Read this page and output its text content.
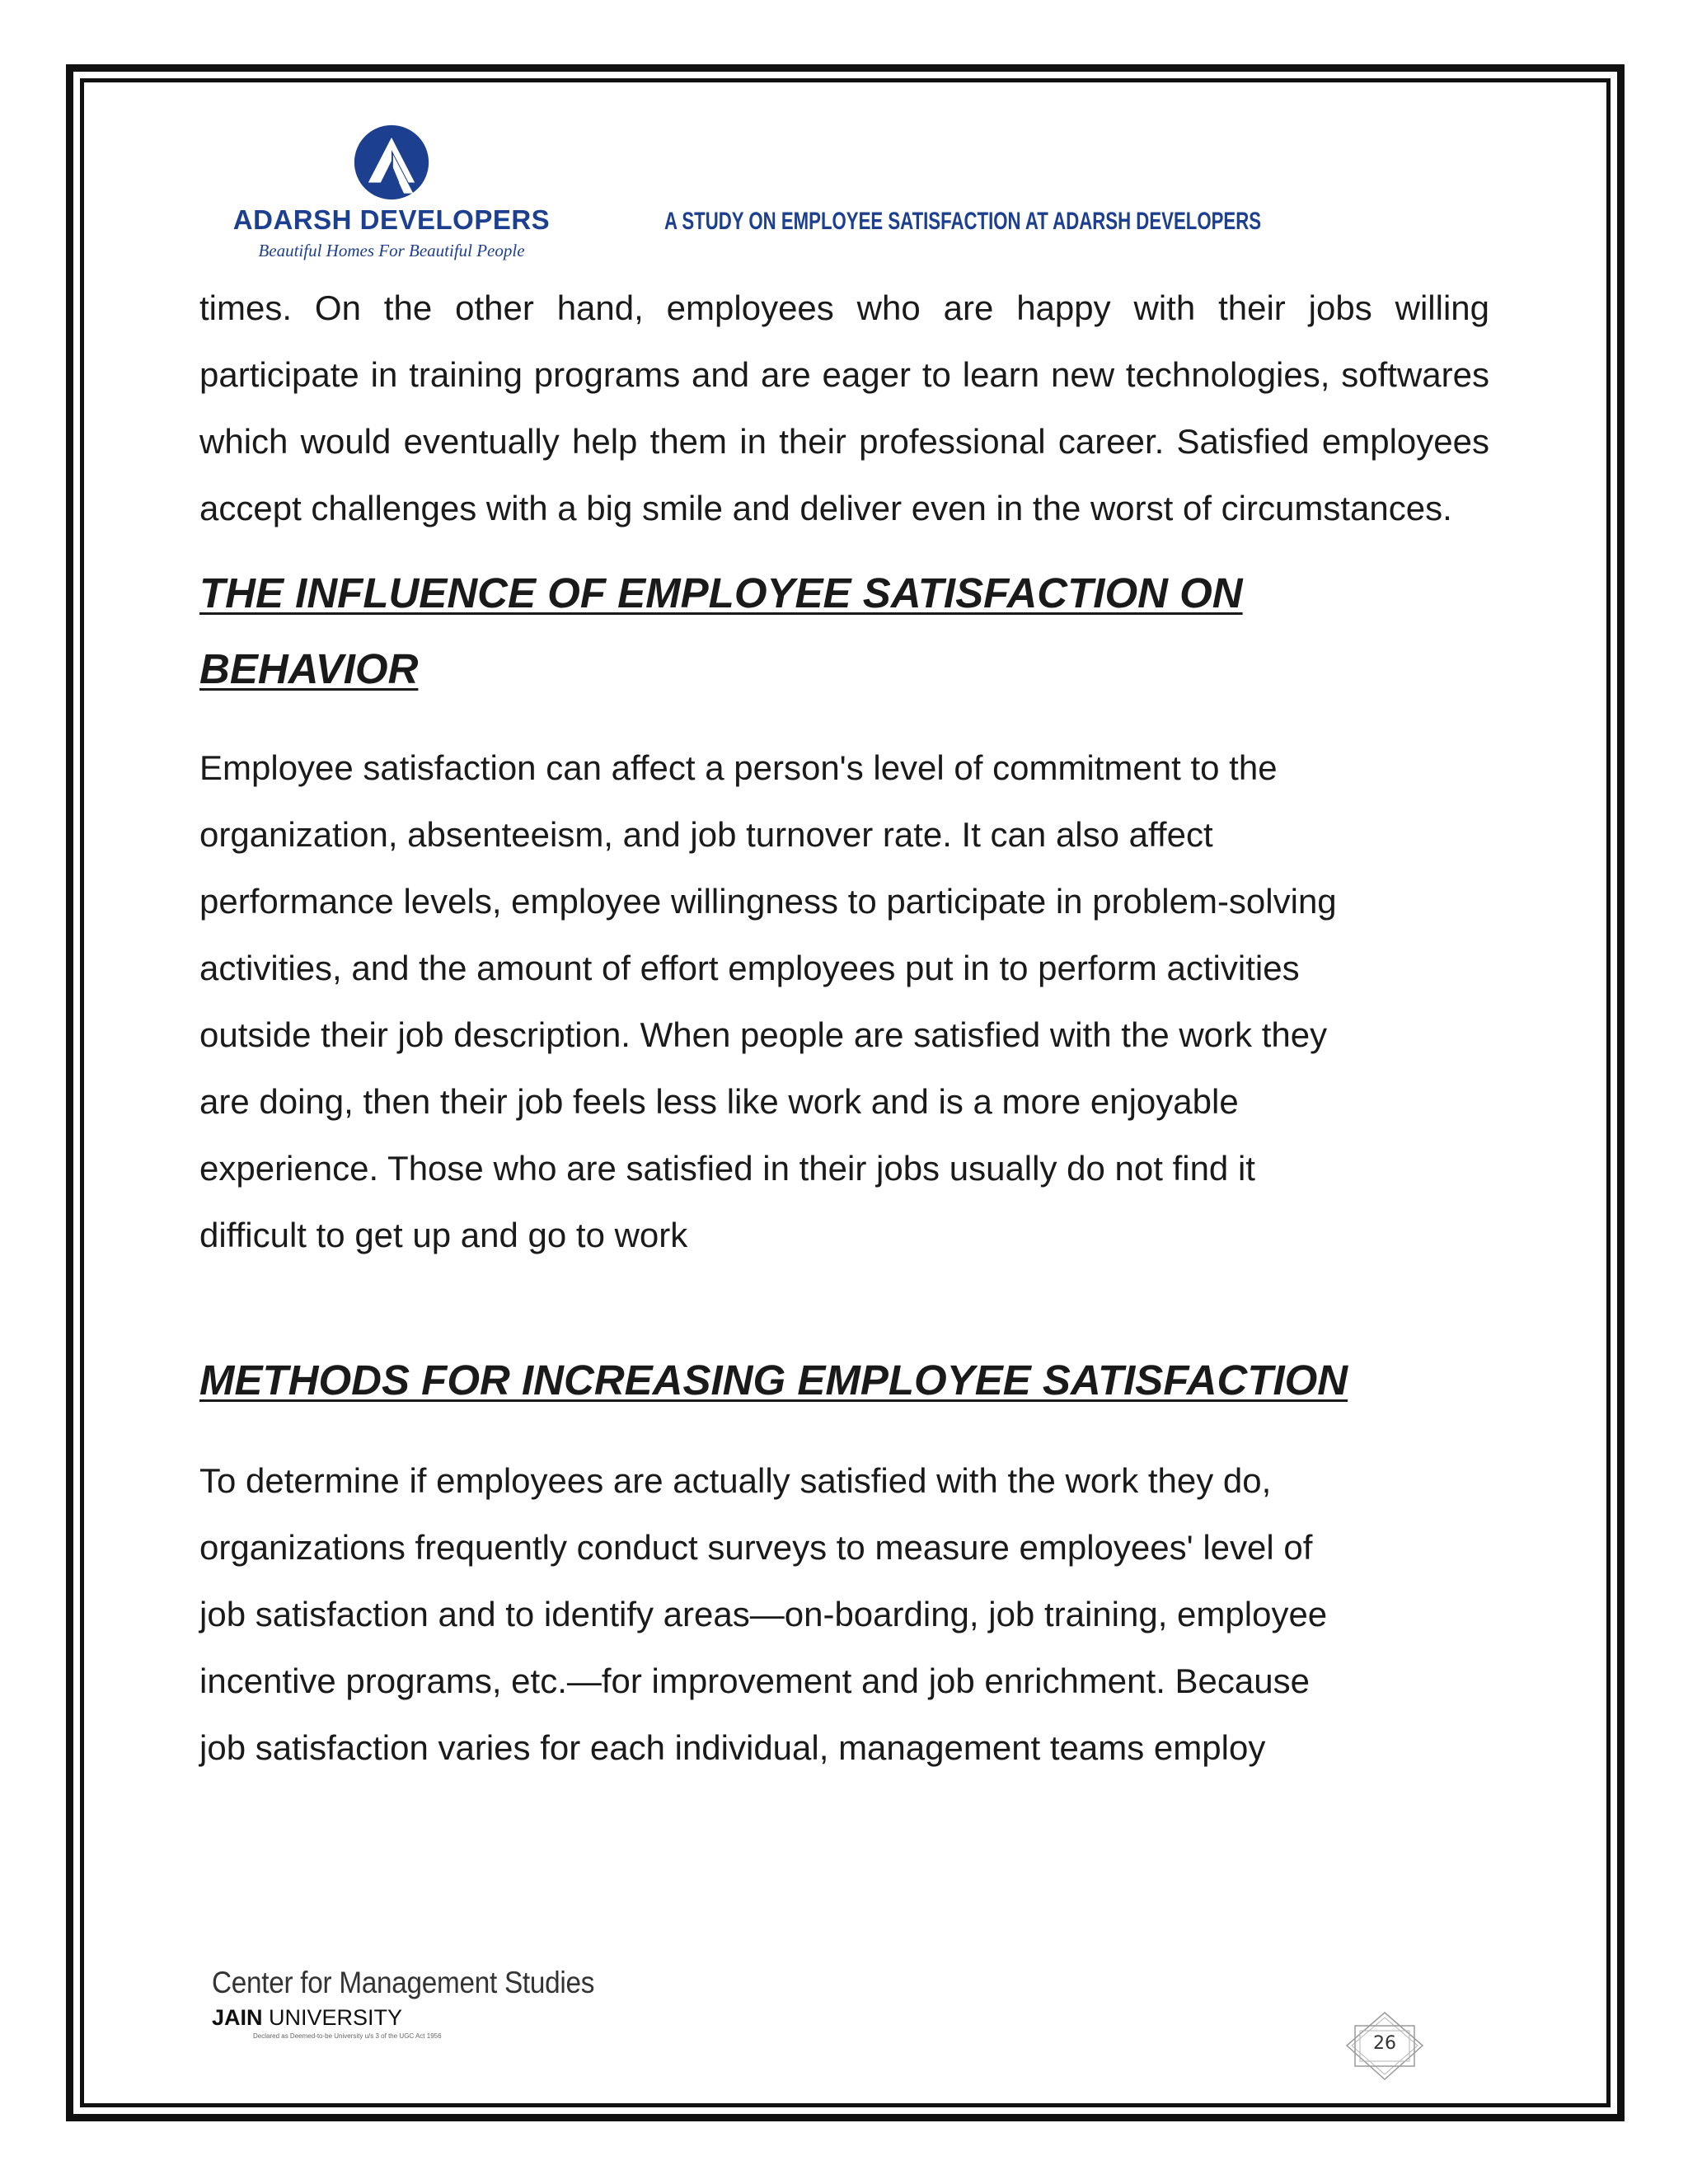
ADARSH DEVELOPERS
Beautiful Homes For Beautiful People
A STUDY ON EMPLOYEE SATISFACTION AT ADARSH DEVELOPERS

times. On the other hand, employees who are happy with their jobs willing participate in training programs and are eager to learn new technologies, softwares which would eventually help them in their professional career. Satisfied employees accept challenges with a big smile and deliver even in the worst of circumstances.

THE INFLUENCE OF EMPLOYEE SATISFACTION ON
BEHAVIOR

Employee satisfaction can affect a person's level of commitment to the
organization, absenteeism, and job turnover rate. It can also affect
performance levels, employee willingness to participate in problem-solving
activities, and the amount of effort employees put in to perform activities
outside their job description. When people are satisfied with the work they
are doing, then their job feels less like work and is a more enjoyable
experience. Those who are satisfied in their jobs usually do not find it
difficult to get up and go to work

METHODS FOR INCREASING EMPLOYEE SATISFACTION

To determine if employees are actually satisfied with the work they do,
organizations frequently conduct surveys to measure employees' level of
job satisfaction and to identify areas—on-boarding, job training, employee
incentive programs, etc.—for improvement and job enrichment. Because
job satisfaction varies for each individual, management teams employ

Center for Management Studies
JAIN UNIVERSITY
Declared as Deemed-to-be University u/s 3 of the UGC Act 1956	26
